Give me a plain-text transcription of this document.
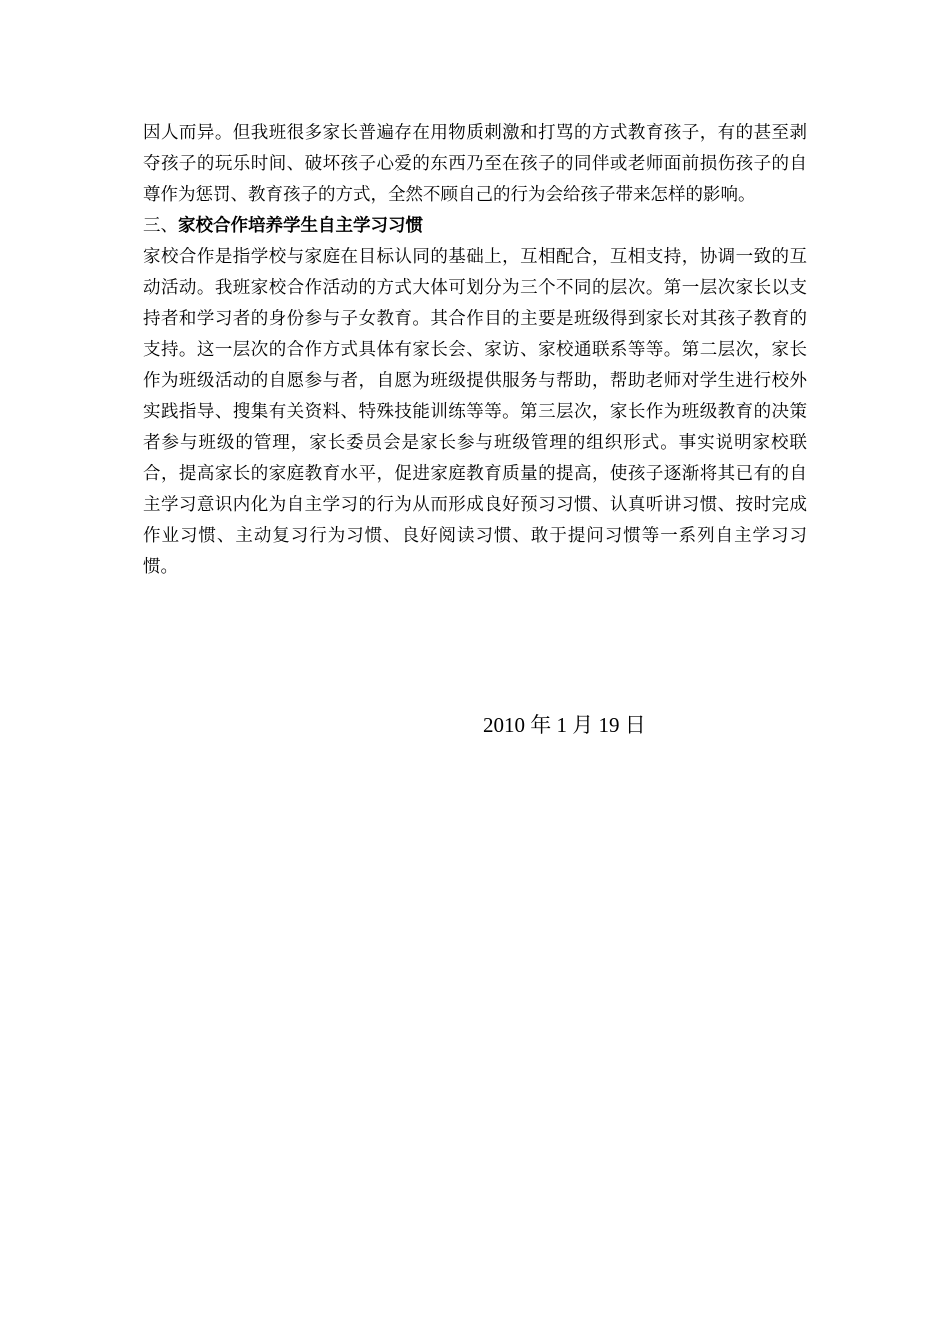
因人而异。但我班很多家长普遍存在用物质刺激和打骂的方式教育孩子，有的甚至剥夺孩子的玩乐时间、破坏孩子心爱的东西乃至在孩子的同伴或老师面前损伤孩子的自尊作为惩罚、教育孩子的方式，全然不顾自己的行为会给孩子带来怎样的影响。

三、家校合作培养学生自主学习习惯

家校合作是指学校与家庭在目标认同的基础上，互相配合，互相支持，协调一致的互动活动。我班家校合作活动的方式大体可划分为三个不同的层次。第一层次家长以支持者和学习者的身份参与子女教育。其合作目的主要是班级得到家长对其孩子教育的支持。这一层次的合作方式具体有家长会、家访、家校通联系等等。第二层次，家长作为班级活动的自愿参与者，自愿为班级提供服务与帮助，帮助老师对学生进行校外实践指导、搜集有关资料、特殊技能训练等等。第三层次，家长作为班级教育的决策者参与班级的管理，家长委员会是家长参与班级管理的组织形式。事实说明家校联合，提高家长的家庭教育水平，促进家庭教育质量的提高，使孩子逐渐将其已有的自主学习意识内化为自主学习的行为从而形成良好预习习惯、认真听讲习惯、按时完成作业习惯、主动复习行为习惯、良好阅读习惯、敢于提问习惯等一系列自主学习习惯。

2010 年 1 月 19 日
